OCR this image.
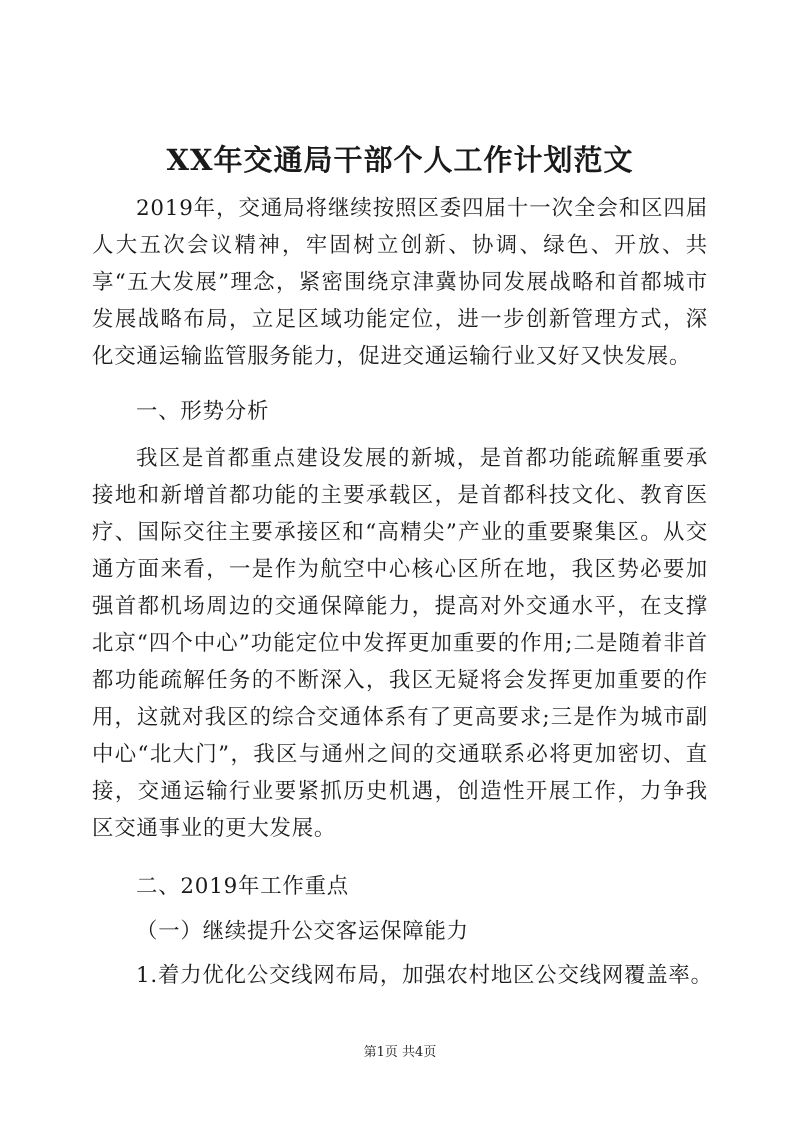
XX年交通局干部个人工作计划范文
2019年，交通局将继续按照区委四届十一次全会和区四届人大五次会议精神，牢固树立创新、协调、绿色、开放、共享“五大发展”理念，紧密围绕京津冀协同发展战略和首都城市发展战略布局，立足区域功能定位，进一步创新管理方式，深化交通运输监管服务能力，促进交通运输行业又好又快发展。
一、形势分析
我区是首都重点建设发展的新城，是首都功能疏解重要承接地和新增首都功能的主要承载区，是首都科技文化、教育医疗、国际交往主要承接区和“高精尖”产业的重要聚集区。从交通方面来看，一是作为航空中心核心区所在地，我区势必要加强首都机场周边的交通保障能力，提高对外交通水平，在支撑北京“四个中心”功能定位中发挥更加重要的作用;二是随着非首都功能疏解任务的不断深入，我区无疑将会发挥更加重要的作用，这就对我区的综合交通体系有了更高要求;三是作为城市副中心“北大门”，我区与通州之间的交通联系必将更加密切、直接，交通运输行业要紧抓历史机遇，创造性开展工作，力争我区交通事业的更大发展。
二、2019年工作重点
（一）继续提升公交客运保障能力
1.着力优化公交线网布局，加强农村地区公交线网覆盖率。
第1页 共4页
